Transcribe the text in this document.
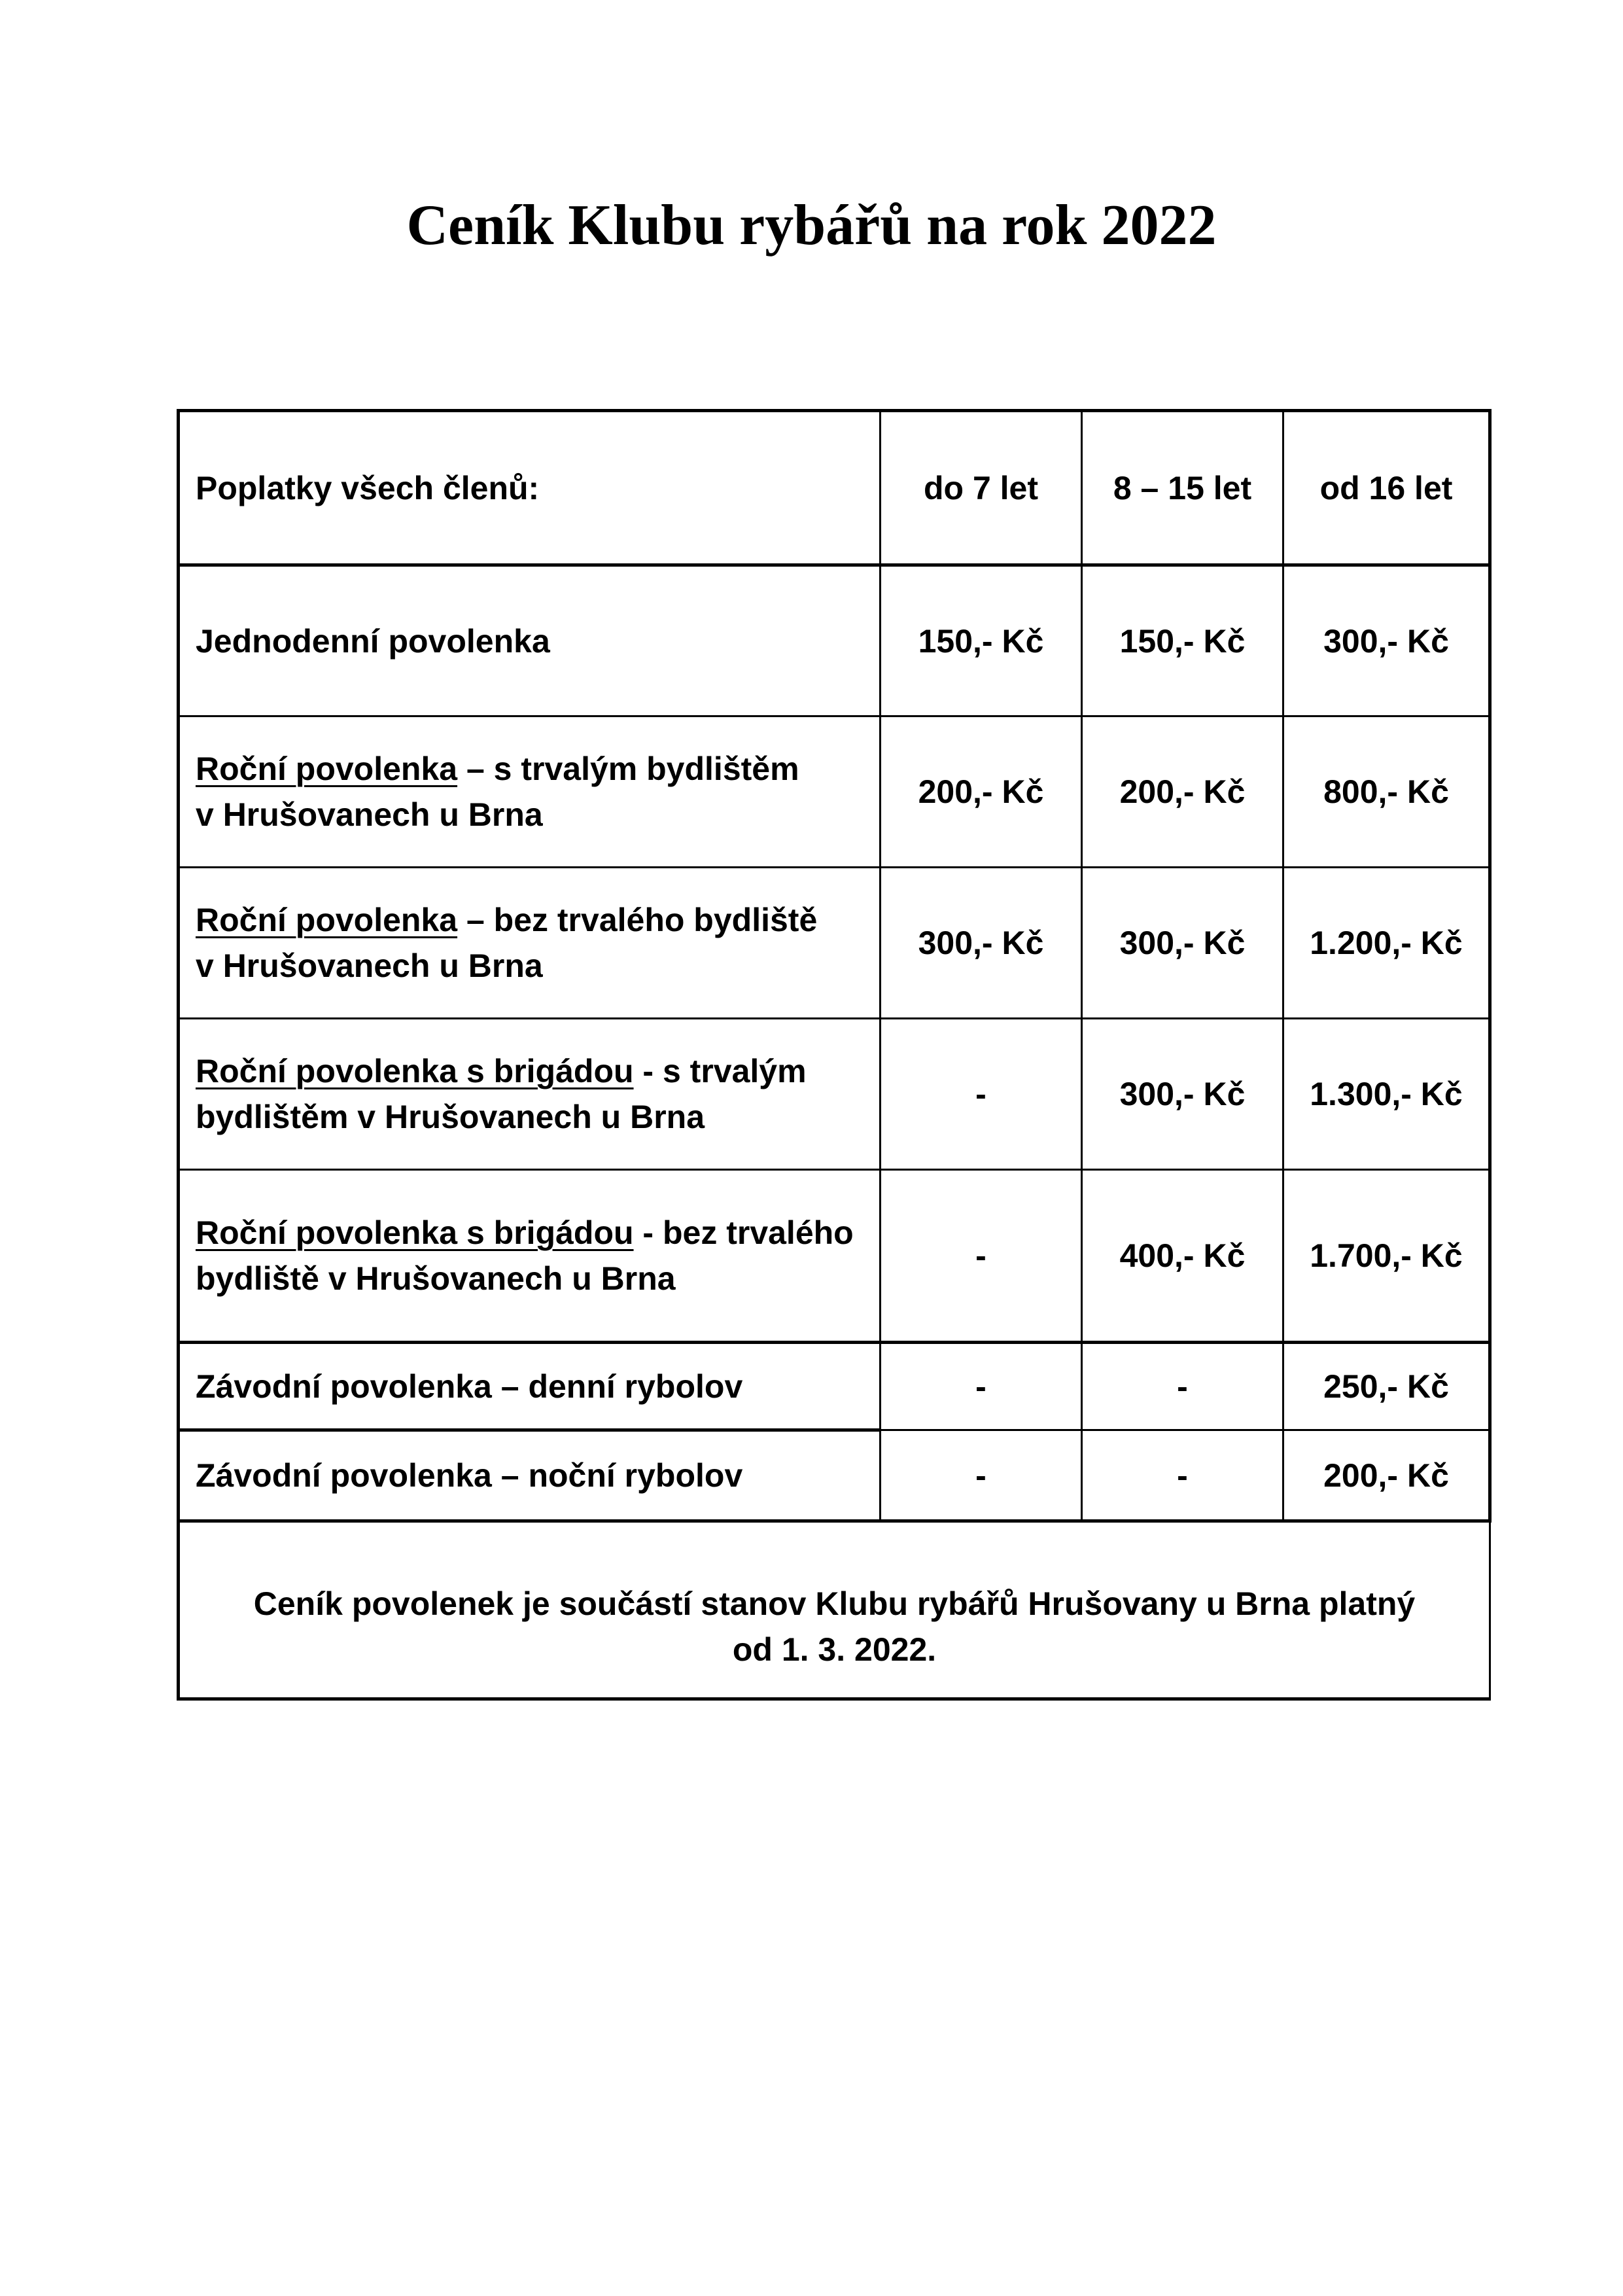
Ceník Klubu rybářů na rok 2022
Poplatky všech členů:	do 7 let	8 – 15 let	od 16 let
Jednodenní povolenka	150,- Kč	150,- Kč	300,- Kč
Roční povolenka – s trvalým bydlištěm
v Hrušovanech u Brna	200,- Kč	200,- Kč	800,- Kč
Roční povolenka – bez trvalého bydliště
v Hrušovanech u Brna	300,- Kč	300,- Kč	1.200,- Kč
Roční povolenka s brigádou - s trvalým
bydlištěm v Hrušovanech u Brna	-	300,- Kč	1.300,- Kč
Roční povolenka s brigádou - bez trvalého
bydliště v Hrušovanech u Brna	-	400,- Kč	1.700,- Kč
Závodní povolenka – denní rybolov	-	-	250,- Kč
Závodní povolenka – noční rybolov	-	-	200,- Kč
Ceník povolenek je součástí stanov Klubu rybářů Hrušovany u Brna platný
od 1. 3. 2022.			
